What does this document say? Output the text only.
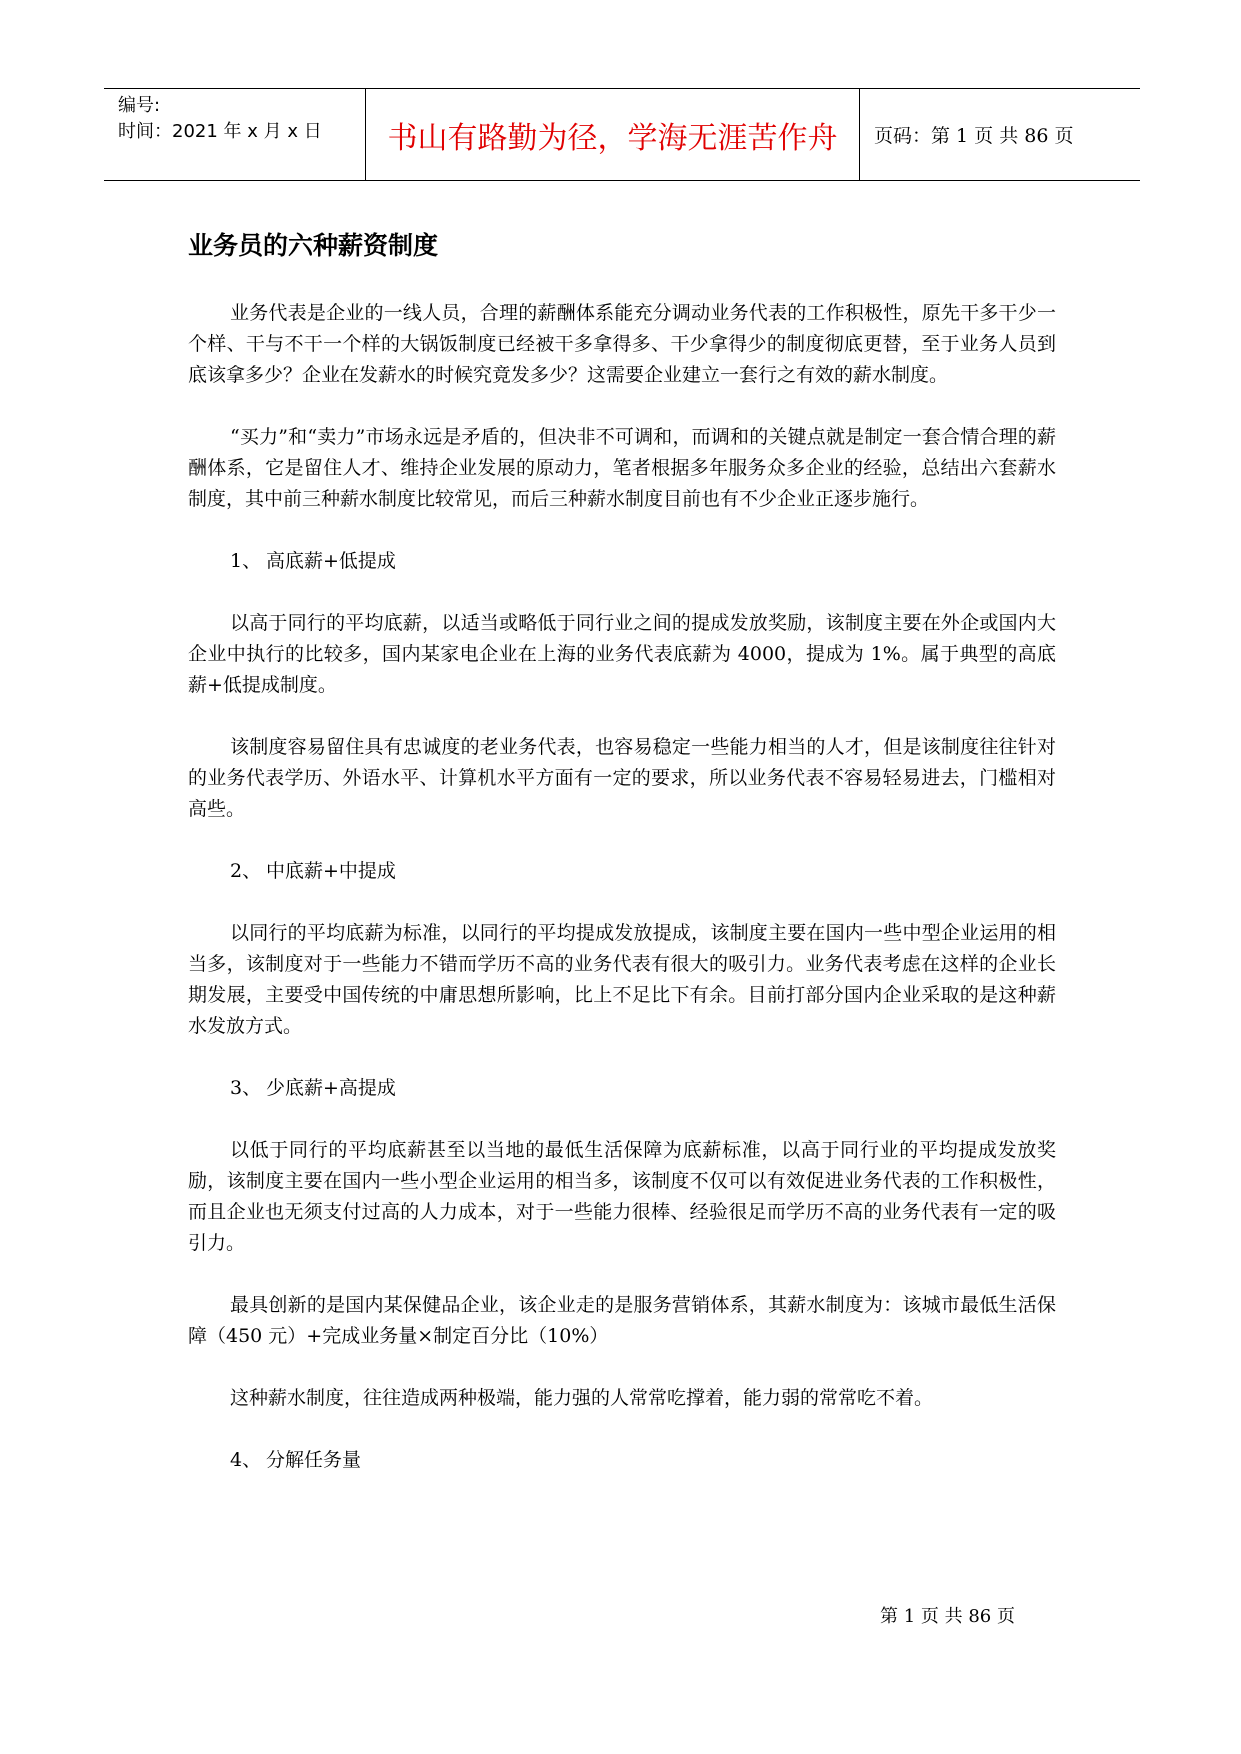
编号:
时间：2021 年 x 月 x 日	书山有路勤为径，学海无涯苦作舟	页码：第 1 页 共 86 页
业务员的六种薪资制度

业务代表是企业的一线人员，合理的薪酬体系能充分调动业务代表的工作积极性，原先干多干少一个样、干与不干一个样的大锅饭制度已经被干多拿得多、干少拿得少的制度彻底更替，至于业务人员到底该拿多少？企业在发薪水的时候究竟发多少？这需要企业建立一套行之有效的薪水制度。

“买力”和“卖力”市场永远是矛盾的，但决非不可调和，而调和的关键点就是制定一套合情合理的薪酬体系，它是留住人才、维持企业发展的原动力，笔者根据多年服务众多企业的经验，总结出六套薪水制度，其中前三种薪水制度比较常见，而后三种薪水制度目前也有不少企业正逐步施行。

1、 高底薪+低提成

以高于同行的平均底薪，以适当或略低于同行业之间的提成发放奖励，该制度主要在外企或国内大企业中执行的比较多，国内某家电企业在上海的业务代表底薪为 4000，提成为 1%。属于典型的高底薪+低提成制度。

该制度容易留住具有忠诚度的老业务代表，也容易稳定一些能力相当的人才，但是该制度往往针对的业务代表学历、外语水平、计算机水平方面有一定的要求，所以业务代表不容易轻易进去，门槛相对高些。

2、 中底薪+中提成

以同行的平均底薪为标准，以同行的平均提成发放提成，该制度主要在国内一些中型企业运用的相当多，该制度对于一些能力不错而学历不高的业务代表有很大的吸引力。业务代表考虑在这样的企业长期发展，主要受中国传统的中庸思想所影响，比上不足比下有余。目前打部分国内企业采取的是这种薪水发放方式。

3、 少底薪+高提成

以低于同行的平均底薪甚至以当地的最低生活保障为底薪标准，以高于同行业的平均提成发放奖励，该制度主要在国内一些小型企业运用的相当多，该制度不仅可以有效促进业务代表的工作积极性，而且企业也无须支付过高的人力成本，对于一些能力很棒、经验很足而学历不高的业务代表有一定的吸引力。

最具创新的是国内某保健品企业，该企业走的是服务营销体系，其薪水制度为：该城市最低生活保障（450 元）+完成业务量×制定百分比（10%）

这种薪水制度，往往造成两种极端，能力强的人常常吃撑着，能力弱的常常吃不着。

4、 分解任务量

第 1 页 共 86 页
